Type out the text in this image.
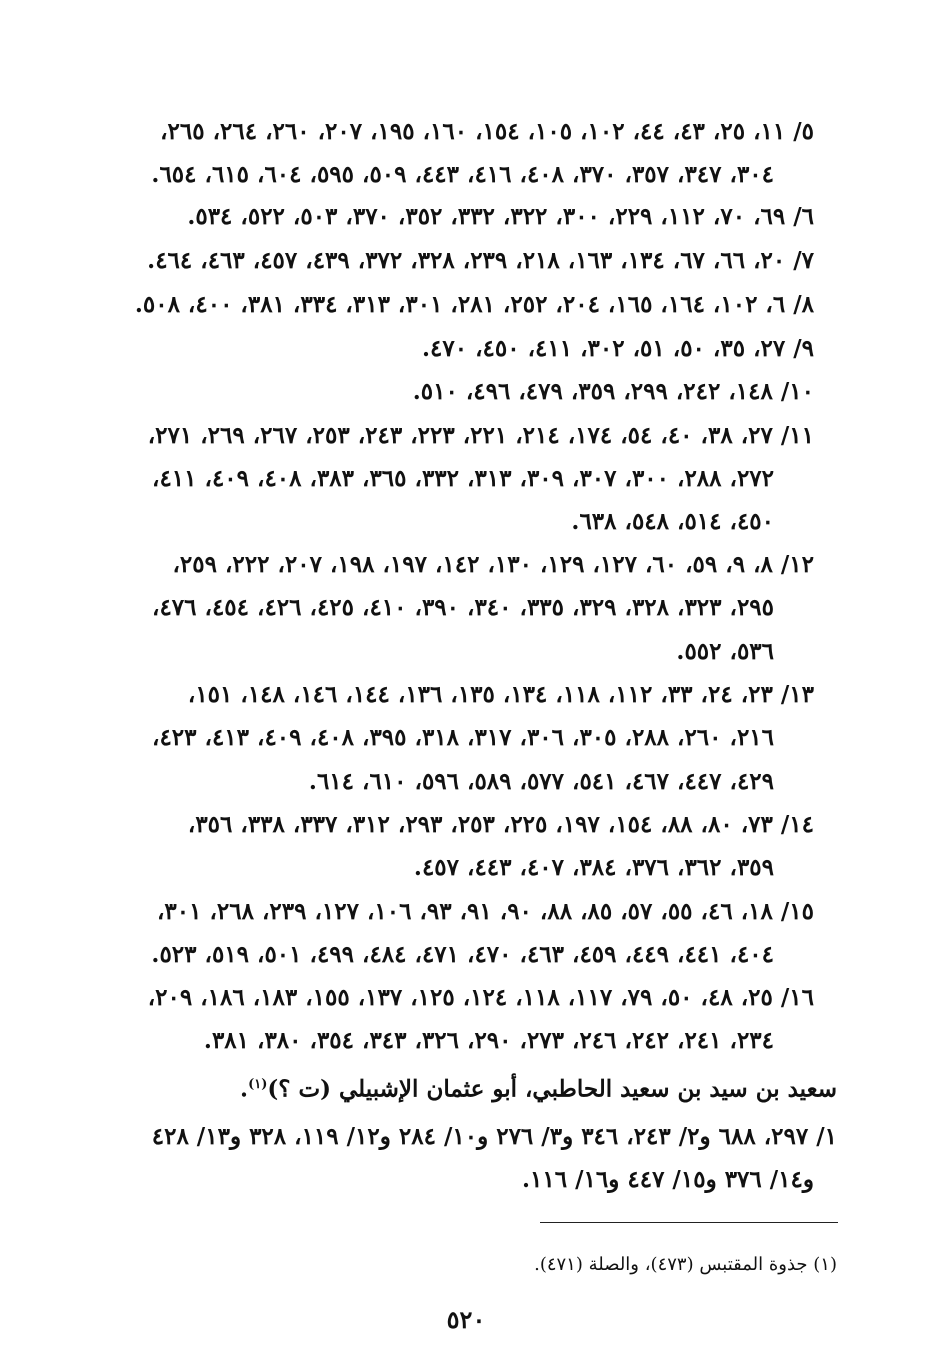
٥/ ١١، ٢٥، ٤٣، ٤٤، ١٠٢، ١٠٥، ١٥٤، ١٦٠، ١٩٥، ٢٠٧، ٢٦٠، ٢٦٤، ٢٦٥،
٣٠٤، ٣٤٧، ٣٥٧، ٣٧٠، ٤٠٨، ٤١٦، ٤٤٣، ٥٠٩، ٥٩٥، ٦٠٤، ٦١٥، ٦٥٤.
٦/ ٦٩، ٧٠، ١١٢، ٢٢٩، ٣٠٠، ٣٢٢، ٣٣٢، ٣٥٢، ٣٧٠، ٥٠٣، ٥٢٢، ٥٣٤.
٧/ ٢٠، ٦٦، ٦٧، ١٣٤، ١٦٣، ٢١٨، ٢٣٩، ٣٢٨، ٣٧٢، ٤٣٩، ٤٥٧، ٤٦٣، ٤٦٤.
٨/ ٦، ١٠٢، ١٦٤، ١٦٥، ٢٠٤، ٢٥٢، ٢٨١، ٣٠١، ٣١٣، ٣٣٤، ٣٨١، ٤٠٠، ٥٠٨.
٩/ ٢٧، ٣٥، ٥٠، ٥١، ٣٠٢، ٤١١، ٤٥٠، ٤٧٠.
١٠/ ١٤٨، ٢٤٢، ٢٩٩، ٣٥٩، ٤٧٩، ٤٩٦، ٥١٠.
١١/ ٢٧، ٣٨، ٤٠، ٥٤، ١٧٤، ٢١٤، ٢٢١، ٢٢٣، ٢٤٣، ٢٥٣، ٢٦٧، ٢٦٩، ٢٧١،
٢٧٢، ٢٨٨، ٣٠٠، ٣٠٧، ٣٠٩، ٣١٣، ٣٣٢، ٣٦٥، ٣٨٣، ٤٠٨، ٤٠٩، ٤١١،
٤٥٠، ٥١٤، ٥٤٨، ٦٣٨.
١٢/ ٨، ٩، ٥٩، ٦٠، ١٢٧، ١٢٩، ١٣٠، ١٤٢، ١٩٧، ١٩٨، ٢٠٧، ٢٢٢، ٢٥٩،
٢٩٥، ٣٢٣، ٣٢٨، ٣٢٩، ٣٣٥، ٣٤٠، ٣٩٠، ٤١٠، ٤٢٥، ٤٢٦، ٤٥٤، ٤٧٦،
٥٣٦، ٥٥٢.
١٣/ ٢٣، ٢٤، ٣٣، ١١٢، ١١٨، ١٣٤، ١٣٥، ١٣٦، ١٤٤، ١٤٦، ١٤٨، ١٥١،
٢١٦، ٢٦٠، ٢٨٨، ٣٠٥، ٣٠٦، ٣١٧، ٣١٨، ٣٩٥، ٤٠٨، ٤٠٩، ٤١٣، ٤٢٣،
٤٢٩، ٤٤٧، ٤٦٧، ٥٤١، ٥٧٧، ٥٨٩، ٥٩٦، ٦١٠، ٦١٤.
١٤/ ٧٣، ٨٠، ٨٨، ١٥٤، ١٩٧، ٢٢٥، ٢٥٣، ٢٩٣، ٣١٢، ٣٣٧، ٣٣٨، ٣٥٦،
٣٥٩، ٣٦٢، ٣٧٦، ٣٨٤، ٤٠٧، ٤٤٣، ٤٥٧.
١٥/ ١٨، ٤٦، ٥٥، ٥٧، ٨٥، ٨٨، ٩٠، ٩١، ٩٣، ١٠٦، ١٢٧، ٢٣٩، ٢٦٨، ٣٠١،
٤٠٤، ٤٤١، ٤٤٩، ٤٥٩، ٤٦٣، ٤٧٠، ٤٧١، ٤٨٤، ٤٩٩، ٥٠١، ٥١٩، ٥٢٣.
١٦/ ٢٥، ٤٨، ٥٠، ٧٩، ١١٧، ١١٨، ١٢٤، ١٢٥، ١٣٧، ١٥٥، ١٨٣، ١٨٦، ٢٠٩،
٢٣٤، ٢٤١، ٢٤٢، ٢٤٦، ٢٧٣، ٢٩٠، ٣٢٦، ٣٤٣، ٣٥٤، ٣٨٠، ٣٨١.
سعيد بن سيد بن سعيد الحاطبي، أبو عثمان الإشبيلي (ت ؟)$^{(١)}$.
١/ ٢٩٧، ٦٨٨ و٢/ ٢٤٣، ٣٤٦ و٣/ ٢٧٦ و١٠/ ٢٨٤ و١٢/ ١١٩، ٣٢٨ و١٣/ ٤٢٨
و١٤/ ٣٧٦ و١٥/ ٤٤٧ و١٦/ ١١٦.
(١) جذوة المقتبس (٤٧٣)، والصلة (٤٧١).
٥٢٠
